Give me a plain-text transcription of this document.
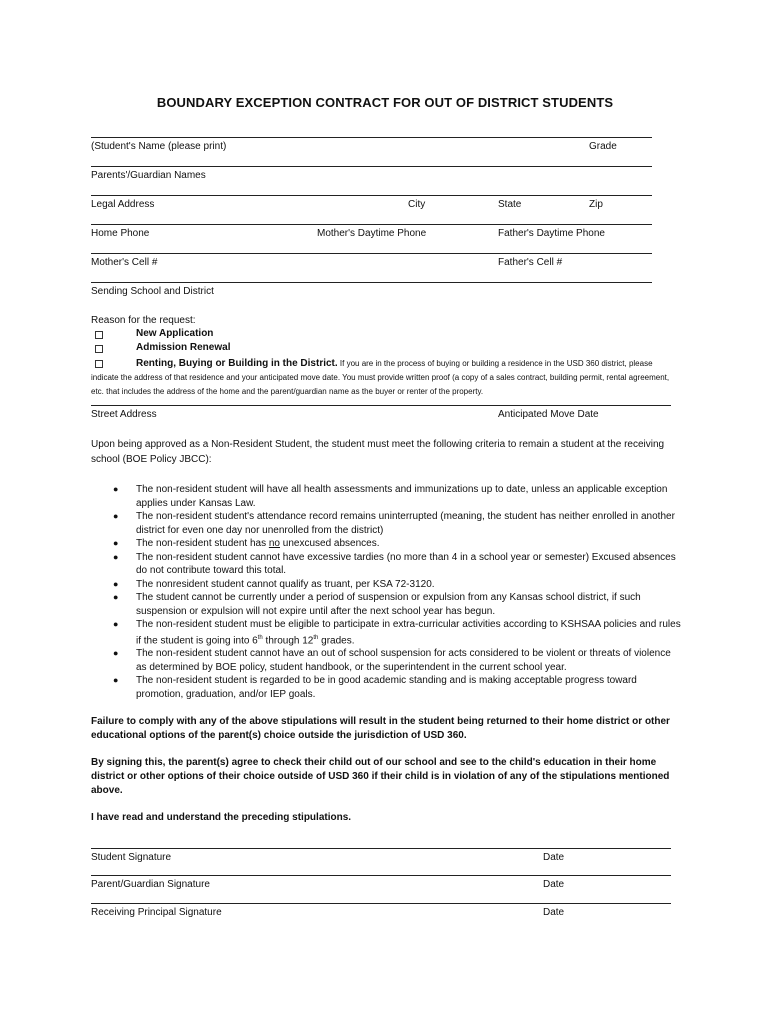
BOUNDARY EXCEPTION CONTRACT FOR OUT OF DISTRICT STUDENTS
(Student's Name (please print)	Grade
Parents'/Guardian Names
Legal Address	City	State	Zip
Home Phone	Mother's Daytime Phone	Father's Daytime Phone
Mother's Cell #	Father's Cell #
Sending School and District
Reason for the request:
New Application
Admission Renewal
Renting, Buying or Building in the District. If you are in the process of buying or building a residence in the USD 360 district, please indicate the address of that residence and your anticipated move date. You must provide written proof (a copy of a sales contract, building permit, rental agreement, etc. that includes the address of the home and the parent/guardian name as the buyer or renter of the property.
Street Address	Anticipated Move Date
Upon being approved as a Non-Resident Student, the student must meet the following criteria to remain a student at the receiving school (BOE Policy JBCC):
● The non-resident student will have all health assessments and immunizations up to date, unless an applicable exception applies under Kansas Law.
● The non-resident student's attendance record remains uninterrupted (meaning, the student has neither enrolled in another district for even one day nor unenrolled from the district)
● The non-resident student has no unexcused absences.
● The non-resident student cannot have excessive tardies (no more than 4 in a school year or semester) Excused absences do not contribute toward this total.
● The nonresident student cannot qualify as truant, per KSA 72-3120.
● The student cannot be currently under a period of suspension or expulsion from any Kansas school district, if such suspension or expulsion will not expire until after the next school year has begun.
● The non-resident student must be eligible to participate in extra-curricular activities according to KSHSAA policies and rules if the student is going into 6th through 12th grades.
● The non-resident student cannot have an out of school suspension for acts considered to be violent or threats of violence as determined by BOE policy, student handbook, or the superintendent in the current school year.
● The non-resident student is regarded to be in good academic standing and is making acceptable progress toward promotion, graduation, and/or IEP goals.
Failure to comply with any of the above stipulations will result in the student being returned to their home district or other educational options of the parent(s) choice outside the jurisdiction of USD 360.
By signing this, the parent(s) agree to check their child out of our school and see to the child's education in their home district or other options of their choice outside of USD 360 if their child is in violation of any of the stipulations mentioned above.
I have read and understand the preceding stipulations.
Student Signature	Date
Parent/Guardian Signature	Date
Receiving Principal Signature	Date
